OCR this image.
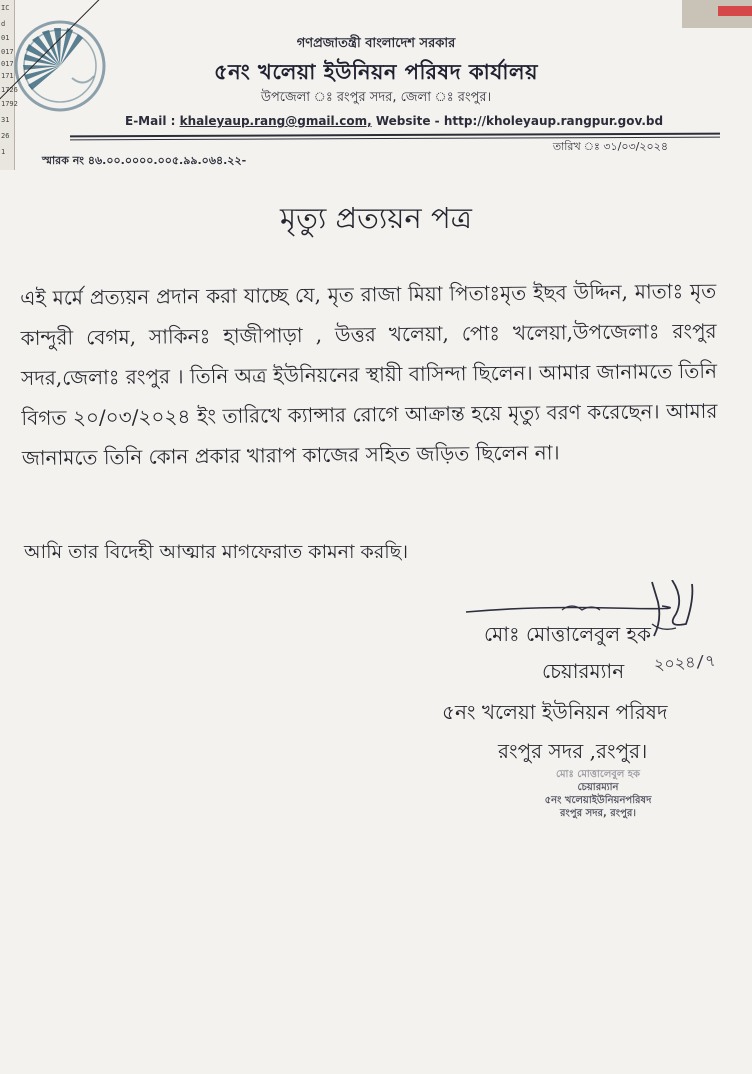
IC
d
01
017
017
171
1726
1792
31
26
1
গণপ্রজাতন্ত্রী বাংলাদেশ সরকার
৫নং খলেয়া ইউনিয়ন পরিষদ কার্যালয়
উপজেলা ঃ রংপুর সদর, জেলা ঃ রংপুর।
E-Mail : khaleyaup.rang@gmail.com, Website - http://kholeyaup.rangpur.gov.bd
তারিখ ঃ ৩১/০৩/২০২৪
স্মারক নং ৪৬.০০.০০০০.০০৫.৯৯.০৬৪.২২-
মৃত্যু প্রত্যয়ন পত্র
এই মর্মে প্রত্যয়ন প্রদান করা যাচ্ছে যে, মৃত রাজা মিয়া পিতাঃমৃত ইছব উদ্দিন, মাতাঃ মৃত কান্দুরী বেগম, সাকিনঃ হাজীপাড়া , উত্তর খলেয়া, পোঃ খলেয়া,উপজেলাঃ রংপুর সদর,জেলাঃ রংপুর । তিনি অত্র ইউনিয়নের স্থায়ী বাসিন্দা ছিলেন। আমার জানামতে তিনি বিগত ২০/০৩/২০২৪ ইং তারিখে ক্যান্সার রোগে আক্রান্ত হয়ে মৃত্যু বরণ করেছেন। আমার জানামতে তিনি কোন প্রকার খারাপ কাজের সহিত জড়িত ছিলেন না।
আমি তার বিদেহী আত্মার মাগফেরাত কামনা করছি।
মোঃ মোত্তালেবুল হক
চেয়ারম্যান ২০২৪/৭
৫নং খলেয়া ইউনিয়ন পরিষদ
রংপুর সদর ,রংপুর।
মোঃ মোত্তালেবুল হক
চেয়ারম্যান
৫নং খলেয়াইউনিয়নপরিষদ
রংপুর সদর, রংপুর।
